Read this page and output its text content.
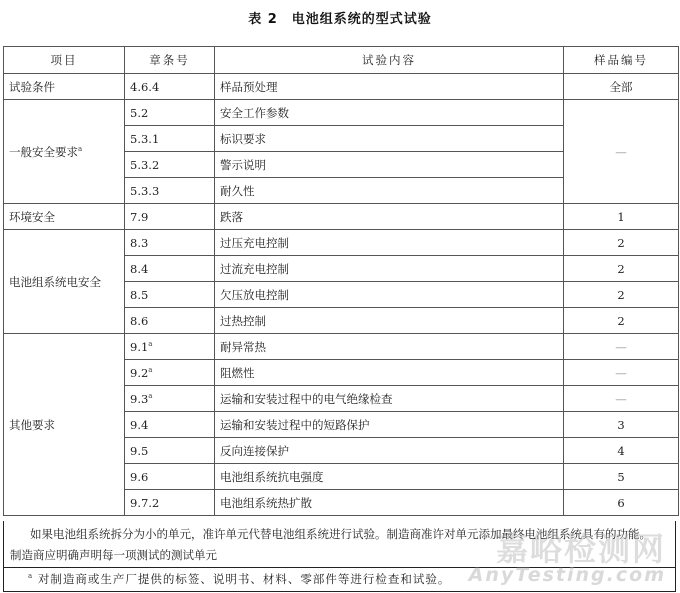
表 2 电池组系统的型式试验
项目	章条号	试验内容	样品编号
试验条件	4.6.4	样品预处理	全部
一般安全要求$^a$	5.2	安全工作参数	—
	5.3.1	标识要求	
	5.3.2	警示说明	
	5.3.3	耐久性	
环境安全	7.9	跌落	1
电池组系统电安全	8.3	过压充电控制	2
	8.4	过流充电控制	2
	8.5	欠压放电控制	2
	8.6	过热控制	2
其他要求	9.1$^a$	耐异常热	—
	9.2$^a$	阻燃性	—
	9.3$^a$	运输和安装过程中的电气绝缘检查	—
	9.4	运输和安装过程中的短路保护	3
	9.5	反向连接保护	4
	9.6	电池组系统抗电强度	5
	9.7.2	电池组系统热扩散	6
如果电池组系统拆分为小的单元，准许单元代替电池组系统进行试验。制造商准许对单元添加最终电池组系统具有的功能。
制造商应明确声明每一项测试的测试单元
$^a$ 对制造商或生产厂提供的标签、说明书、材料、零部件等进行检查和试验。
嘉峪检测网
AnyTesting.com
